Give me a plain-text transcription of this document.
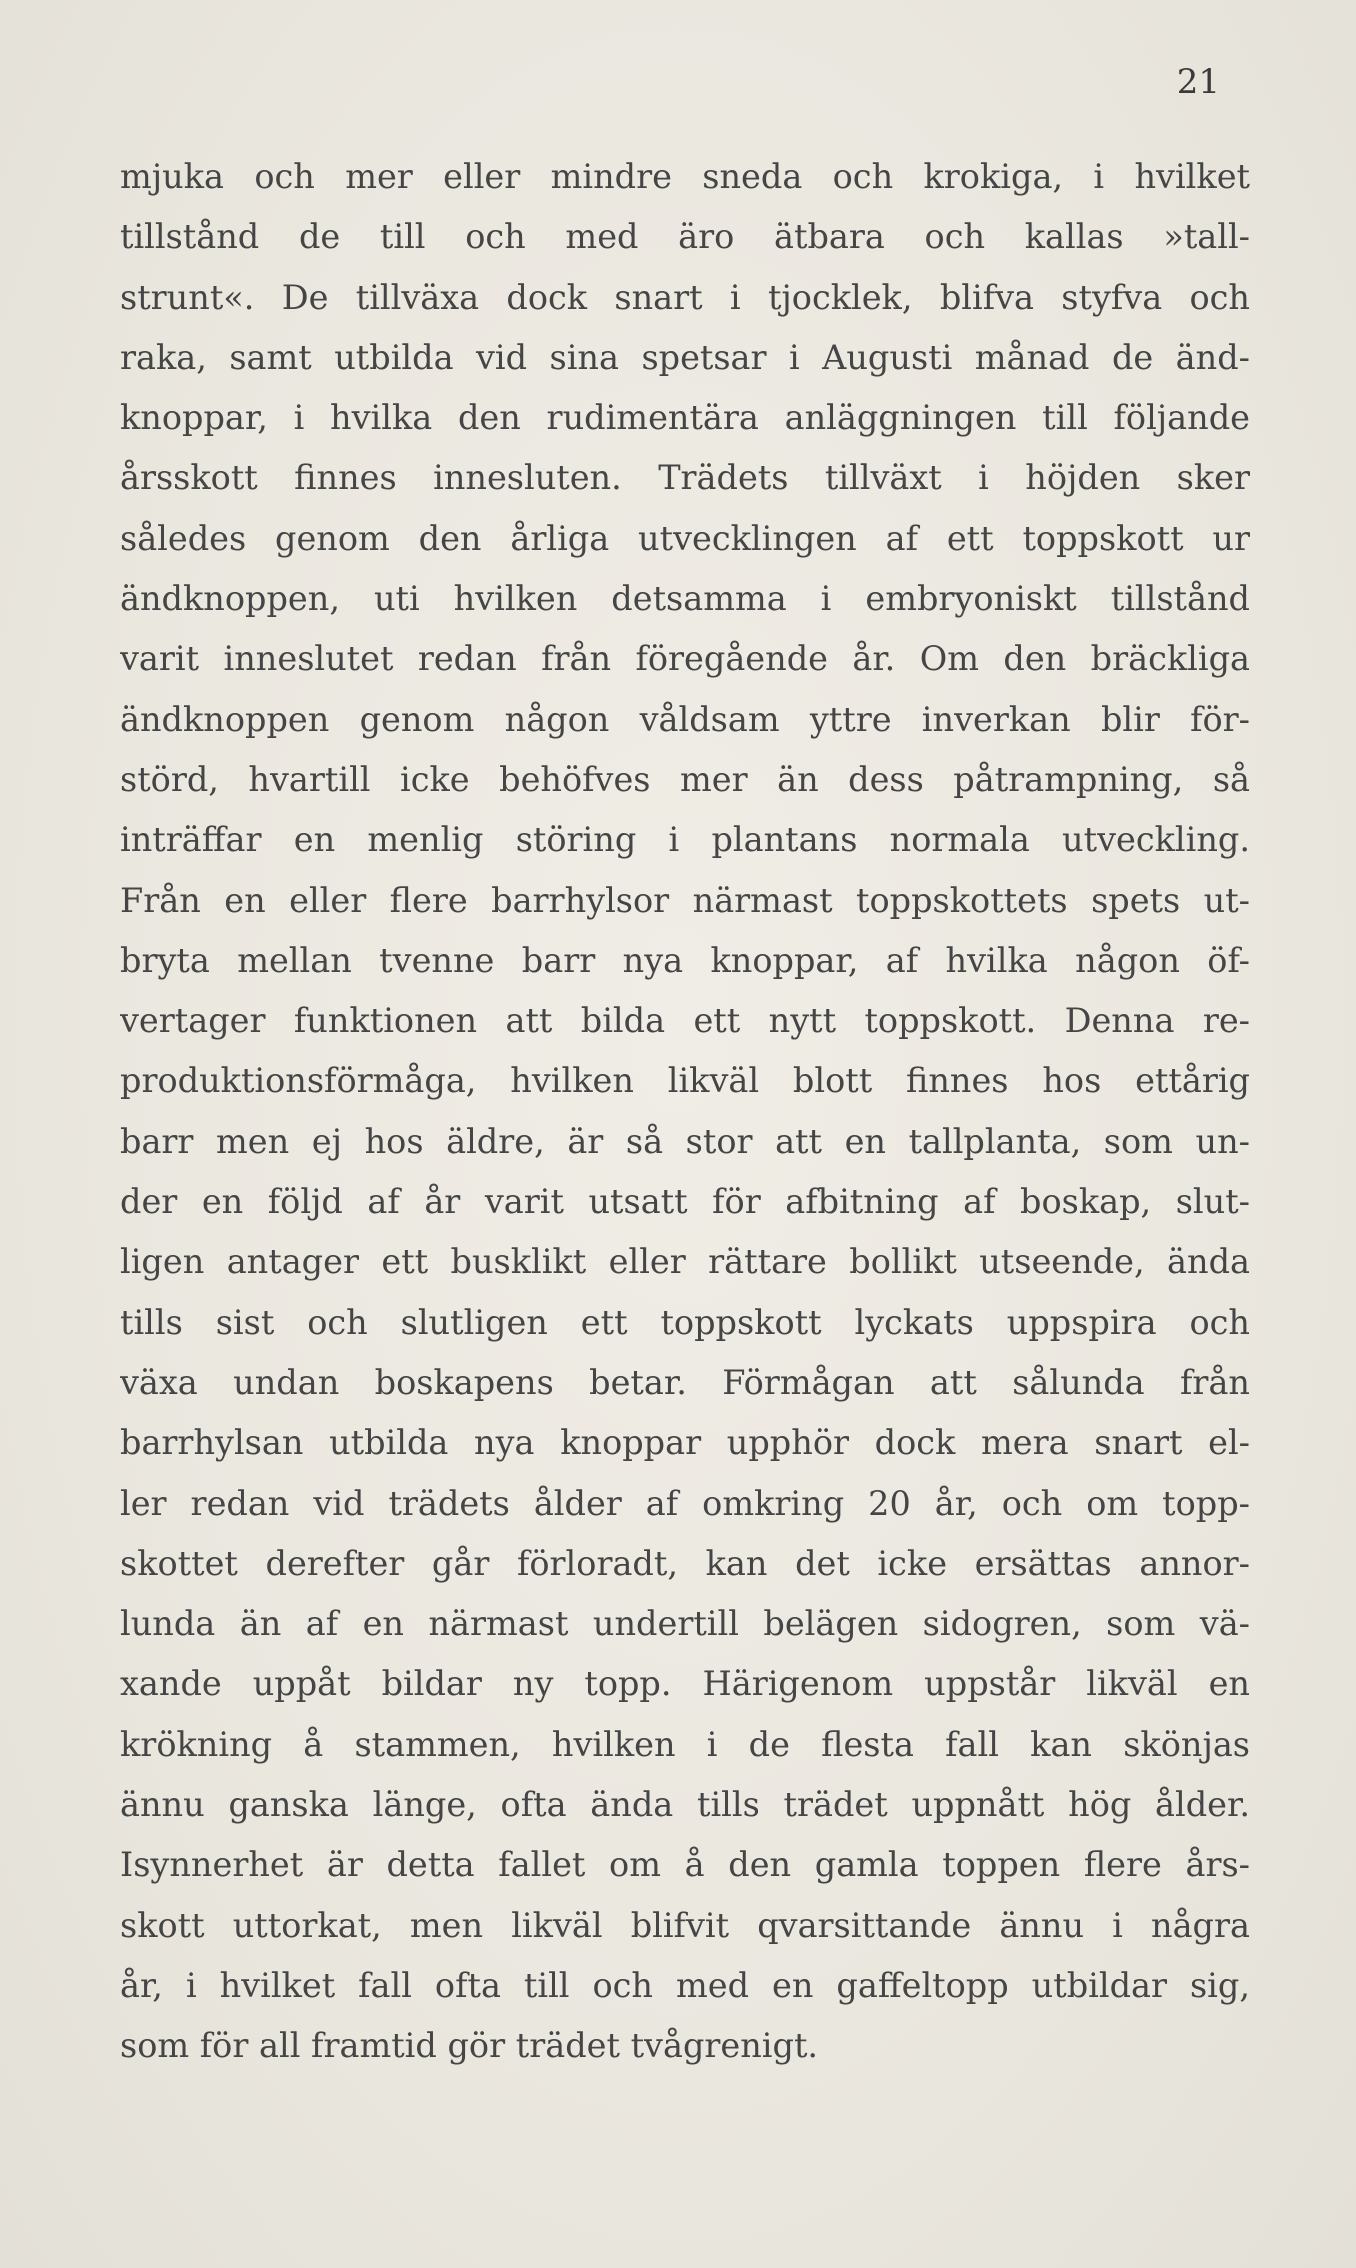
21
mjuka och mer eller mindre sneda och krokiga, i hvilket
tillstånd de till och med äro ätbara och kallas »tall-
strunt«. De tillväxa dock snart i tjocklek, blifva styfva och
raka, samt utbilda vid sina spetsar i Augusti månad de änd-
knoppar, i hvilka den rudimentära anläggningen till följande
årsskott finnes innesluten. Trädets tillväxt i höjden sker
således genom den årliga utvecklingen af ett toppskott ur
ändknoppen, uti hvilken detsamma i embryoniskt tillstånd
varit inneslutet redan från föregående år. Om den bräckliga
ändknoppen genom någon våldsam yttre inverkan blir för-
störd, hvartill icke behöfves mer än dess påtrampning, så
inträffar en menlig störing i plantans normala utveckling.
Från en eller flere barrhylsor närmast toppskottets spets ut-
bryta mellan tvenne barr nya knoppar, af hvilka någon öf-
vertager funktionen att bilda ett nytt toppskott. Denna re-
produktionsförmåga, hvilken likväl blott finnes hos ettårig
barr men ej hos äldre, är så stor att en tallplanta, som un-
der en följd af år varit utsatt för afbitning af boskap, slut-
ligen antager ett busklikt eller rättare bollikt utseende, ända
tills sist och slutligen ett toppskott lyckats uppspira och
växa undan boskapens betar. Förmågan att sålunda från
barrhylsan utbilda nya knoppar upphör dock mera snart el-
ler redan vid trädets ålder af omkring 20 år, och om topp-
skottet derefter går förloradt, kan det icke ersättas annor-
lunda än af en närmast undertill belägen sidogren, som vä-
xande uppåt bildar ny topp. Härigenom uppstår likväl en
krökning å stammen, hvilken i de flesta fall kan skönjas
ännu ganska länge, ofta ända tills trädet uppnått hög ålder.
Isynnerhet är detta fallet om å den gamla toppen flere års-
skott uttorkat, men likväl blifvit qvarsittande ännu i några
år, i hvilket fall ofta till och med en gaffeltopp utbildar sig,
som för all framtid gör trädet tvågrenigt.
